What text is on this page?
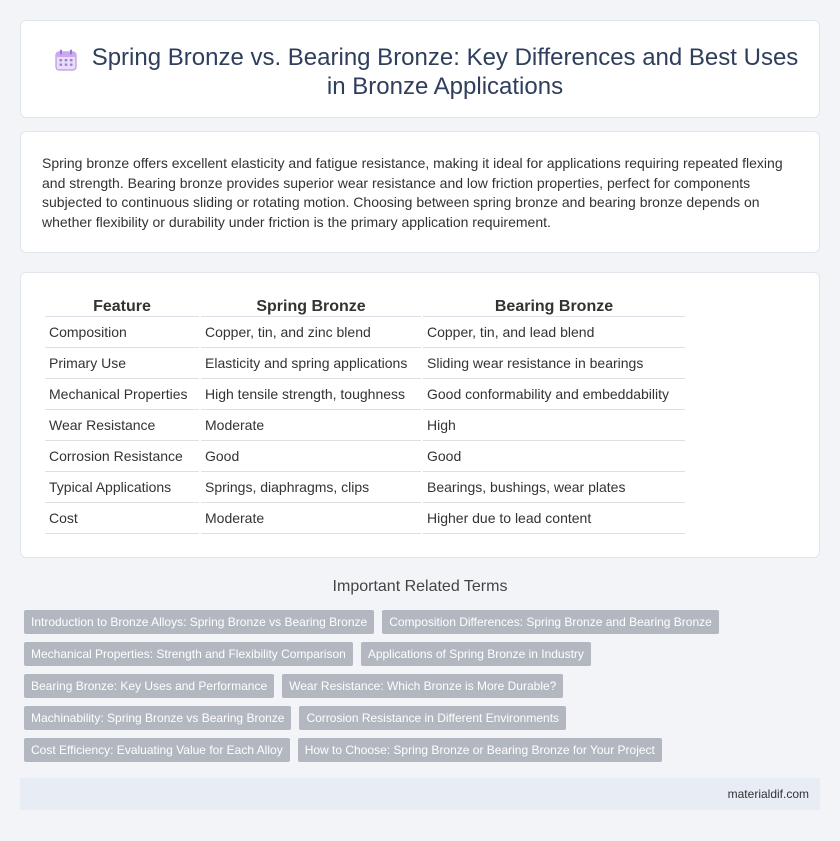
Spring Bronze vs. Bearing Bronze: Key Differences and Best Uses in Bronze Applications

Spring bronze offers excellent elasticity and fatigue resistance, making it ideal for applications requiring repeated flexing and strength. Bearing bronze provides superior wear resistance and low friction properties, perfect for components subjected to continuous sliding or rotating motion. Choosing between spring bronze and bearing bronze depends on whether flexibility or durability under friction is the primary application requirement.

Feature	Spring Bronze	Bearing Bronze
Composition	Copper, tin, and zinc blend	Copper, tin, and lead blend
Primary Use	Elasticity and spring applications	Sliding wear resistance in bearings
Mechanical Properties	High tensile strength, toughness	Good conformability and embeddability
Wear Resistance	Moderate	High
Corrosion Resistance	Good	Good
Typical Applications	Springs, diaphragms, clips	Bearings, bushings, wear plates
Cost	Moderate	Higher due to lead content
Important Related Terms
Introduction to Bronze Alloys: Spring Bronze vs Bearing Bronze	Composition Differences: Spring Bronze and Bearing Bronze
Mechanical Properties: Strength and Flexibility Comparison	Applications of Spring Bronze in Industry
Bearing Bronze: Key Uses and Performance	Wear Resistance: Which Bronze is More Durable?
Machinability: Spring Bronze vs Bearing Bronze	Corrosion Resistance in Different Environments
Cost Efficiency: Evaluating Value for Each Alloy	How to Choose: Spring Bronze or Bearing Bronze for Your Project
materialdif.com
